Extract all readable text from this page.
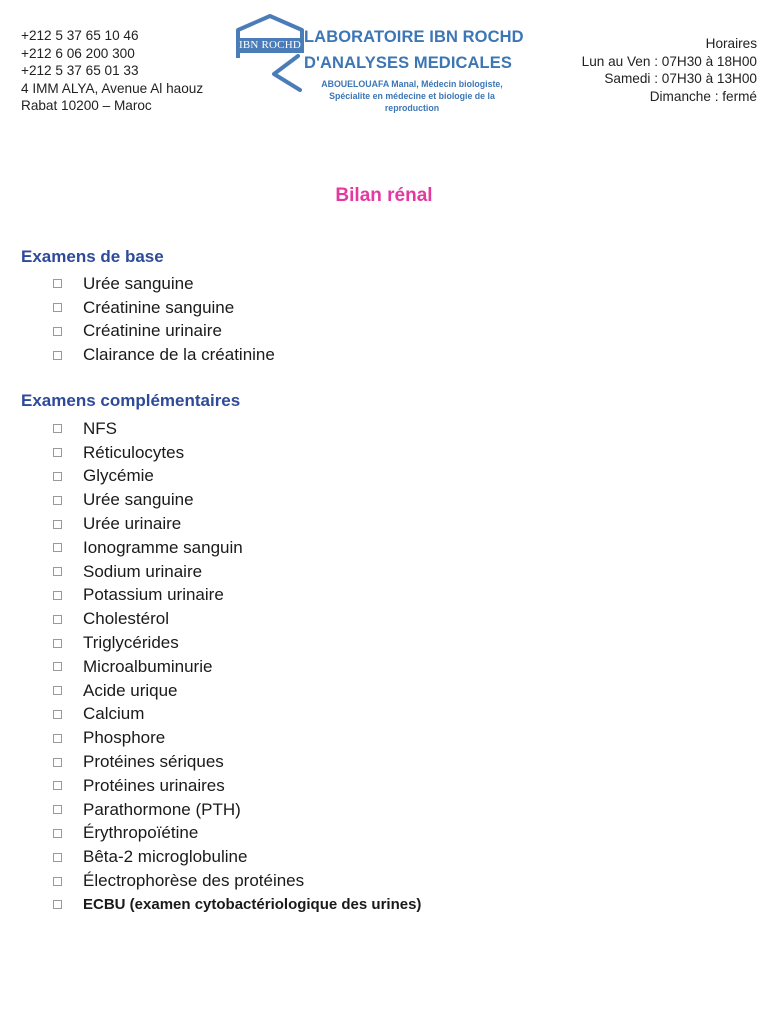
+212 5 37 65 10 46
+212 6 06 200 300
+212 5 37 65 01 33
4 IMM ALYA, Avenue Al haouz
Rabat 10200 – Maroc
IBN ROCHD LABORATOIRE IBN ROCHD
D'ANALYSES MEDICALES
ABOUELOUAFA Manal, Médecin biologiste, Spécialite en médecine et biologie de la reproduction
Horaires
Lun au Ven : 07H30 à 18H00
Samedi : 07H30 à 13H00
Dimanche : fermé
Bilan rénal
Examens de base
Urée sanguine
Créatinine sanguine
Créatinine urinaire
Clairance de la créatinine
Examens complémentaires
NFS
Réticulocytes
Glycémie
Urée sanguine
Urée urinaire
Ionogramme sanguin
Sodium urinaire
Potassium urinaire
Cholestérol
Triglycérides
Microalbuminurie
Acide urique
Calcium
Phosphore
Protéines sériques
Protéines urinaires
Parathormone (PTH)
Érythropoïétine
Bêta-2 microglobuline
Électrophorèse des protéines
ECBU (examen cytobactériologique des urines)
